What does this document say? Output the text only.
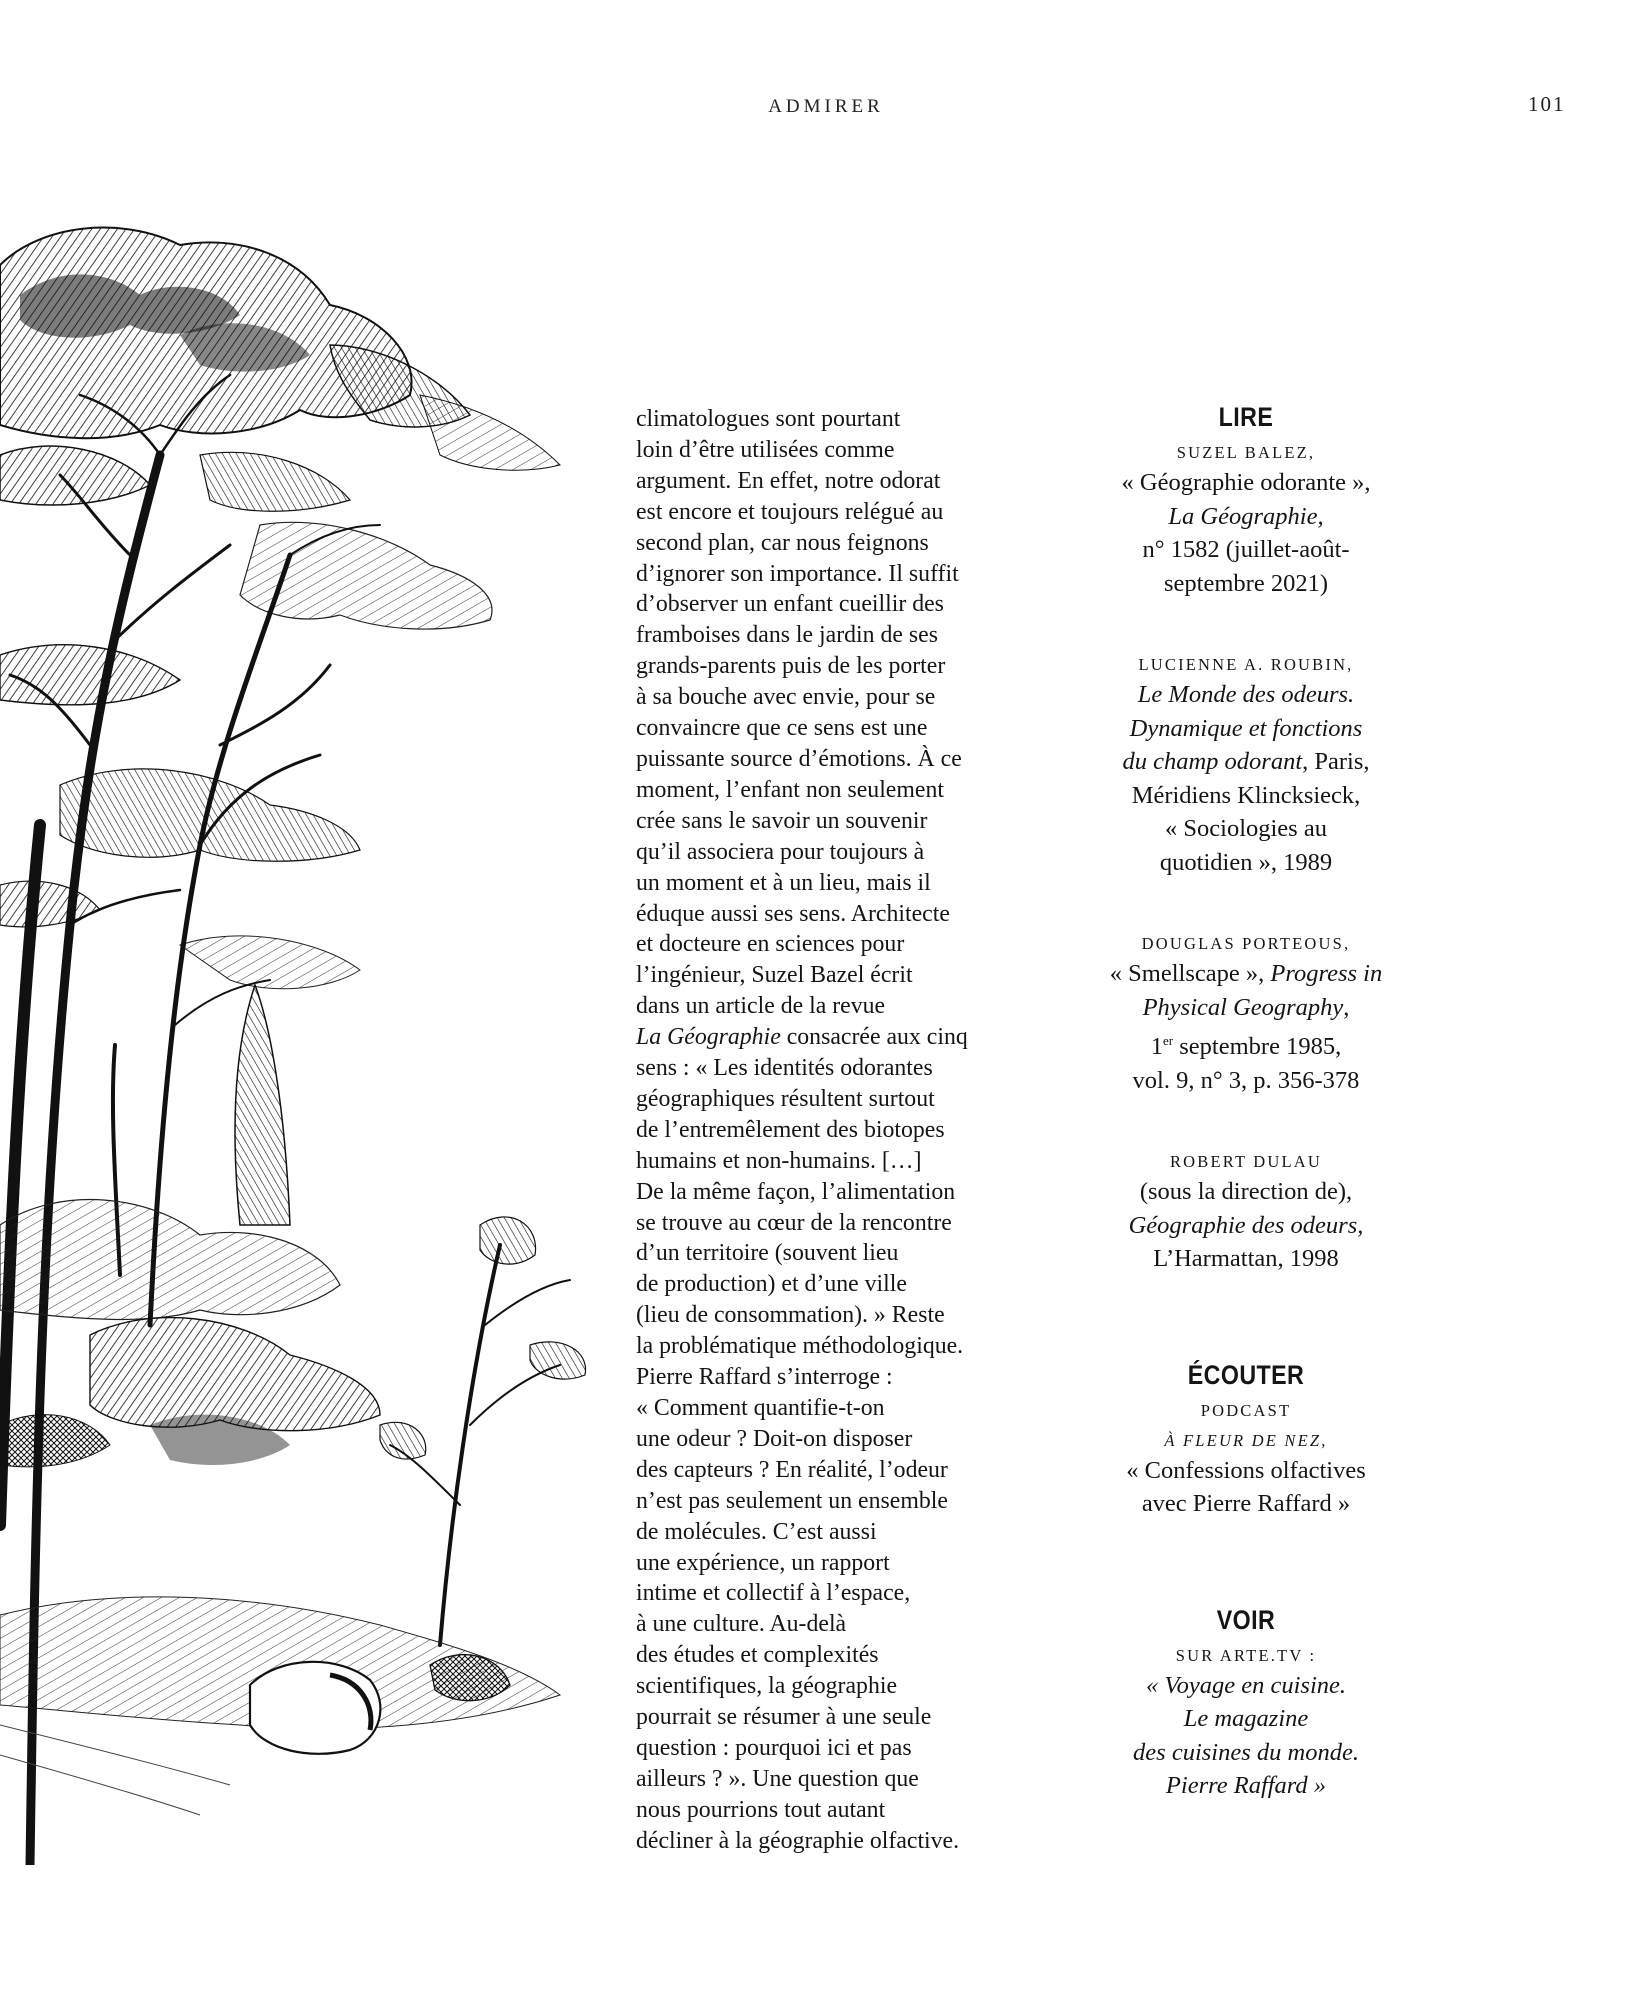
ADMIRER	101
climatologues sont pourtant
loin d’être utilisées comme
argument. En effet, notre odorat
est encore et toujours relégué au
second plan, car nous feignons
d’ignorer son importance. Il suffit
d’observer un enfant cueillir des
framboises dans le jardin de ses
grands-parents puis de les porter
à sa bouche avec envie, pour se
convaincre que ce sens est une
puissante source d’émotions. À ce
moment, l’enfant non seulement
crée sans le savoir un souvenir
qu’il associera pour toujours à
un moment et à un lieu, mais il
éduque aussi ses sens. Architecte
et docteure en sciences pour
l’ingénieur, Suzel Bazel écrit
dans un article de la revue
La Géographie consacrée aux cinq
sens : « Les identités odorantes
géographiques résultent surtout
de l’entremêlement des biotopes
humains et non-humains. […]
De la même façon, l’alimentation
se trouve au cœur de la rencontre
d’un territoire (souvent lieu
de production) et d’une ville
(lieu de consommation). » Reste
la problématique méthodologique.
Pierre Raffard s’interroge :
« Comment quantifie-t-on
une odeur ? Doit-on disposer
des capteurs ? En réalité, l’odeur
n’est pas seulement un ensemble
de molécules. C’est aussi
une expérience, un rapport
intime et collectif à l’espace,
à une culture. Au-delà
des études et complexités
scientifiques, la géographie
pourrait se résumer à une seule
question : pourquoi ici et pas
ailleurs ? ». Une question que
nous pourrions tout autant
décliner à la géographie olfactive.
LIRE
SUZEL BALEZ,
« Géographie odorante »,
La Géographie,
n° 1582 (juillet-août-
septembre 2021)
LUCIENNE A. ROUBIN,
Le Monde des odeurs.
Dynamique et fonctions
du champ odorant, Paris,
Méridiens Klincksieck,
« Sociologies au
quotidien », 1989
DOUGLAS PORTEOUS,
« Smellscape », Progress in
Physical Geography,
1er septembre 1985,
vol. 9, n° 3, p. 356-378
ROBERT DULAU
(sous la direction de),
Géographie des odeurs,
L’Harmattan, 1998
ÉCOUTER
PODCAST
À FLEUR DE NEZ,
« Confessions olfactives
avec Pierre Raffard »
VOIR
SUR ARTE.TV :
« Voyage en cuisine.
Le magazine
des cuisines du monde.
Pierre Raffard »
